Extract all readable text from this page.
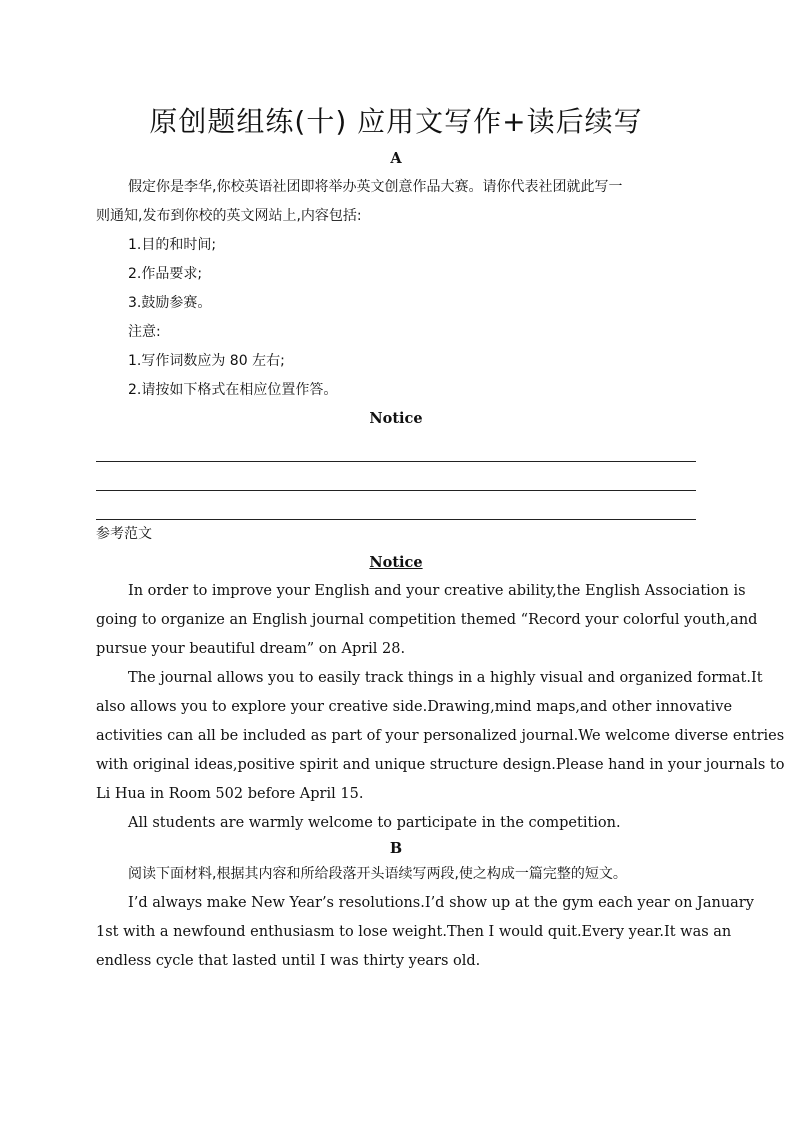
原创题组练(十) 应用文写作+读后续写
A
假定你是李华,你校英语社团即将举办英文创意作品大赛。请你代表社团就此写一
则通知,发布到你校的英文网站上,内容包括:
1.目的和时间;
2.作品要求;
3.鼓励参赛。
注意:
1.写作词数应为 80 左右;
2.请按如下格式在相应位置作答。
Notice
参考范文
Notice
In order to improve your English and your creative ability,the English Association is
going to organize an English journal competition themed “Record your colorful youth,and
pursue your beautiful dream” on April 28.
The journal allows you to easily track things in a highly visual and organized format.It
also allows you to explore your creative side.Drawing,mind maps,and other innovative
activities can all be included as part of your personalized journal.We welcome diverse entries
with original ideas,positive spirit and unique structure design.Please hand in your journals to
Li Hua in Room 502 before April 15.
All students are warmly welcome to participate in the competition.
B
阅读下面材料,根据其内容和所给段落开头语续写两段,使之构成一篇完整的短文。
I’d always make New Year’s resolutions.I’d show up at the gym each year on January
1st with a newfound enthusiasm to lose weight.Then I would quit.Every year.It was an
endless cycle that lasted until I was thirty years old.
